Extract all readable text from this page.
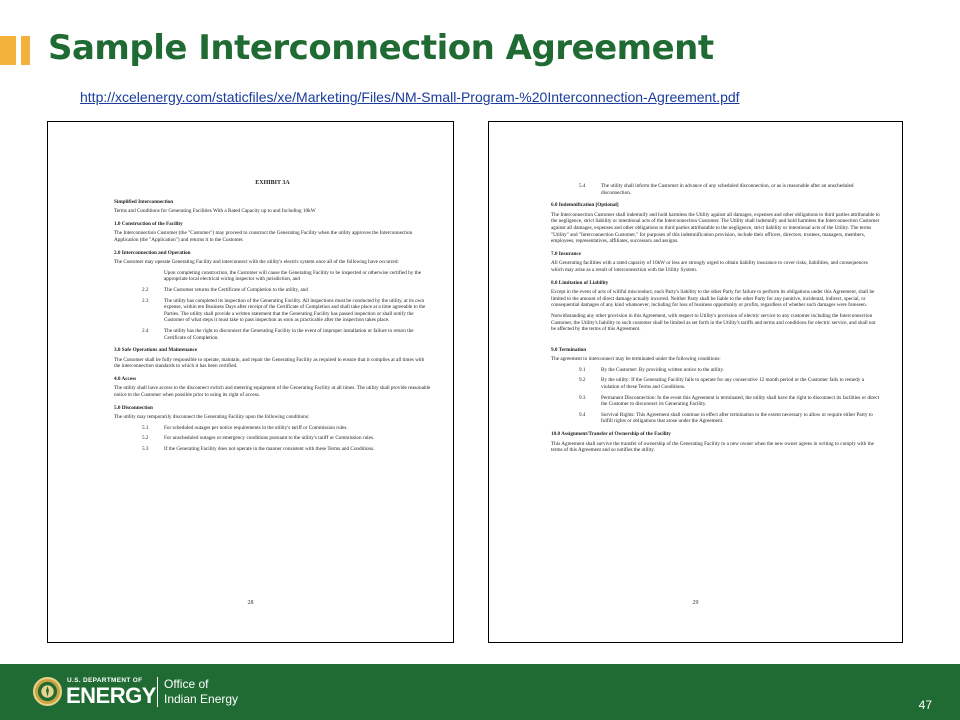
Sample Interconnection Agreement
http://xcelenergy.com/staticfiles/xe/Marketing/Files/NM-Small-Program-%20Interconnection-Agreement.pdf
EXHIBIT 3A
Simplified Interconnection
Terms and Conditions for Generating Facilities With a Rated Capacity up to and Including 10kW
1.0 Construction of the Facility
The Interconnection Customer (the "Customer") may proceed to construct the Generating Facility when the utility approves the Interconnection Application (the "Application") and returns it to the Customer.
2.0 Interconnection and Operation
The Customer may operate Generating Facility and interconnect with the utility's electric system once all of the following have occurred:
Upon completing construction, the Customer will cause the Generating Facility to be inspected or otherwise certified by the appropriate local electrical wiring inspector with jurisdiction, and
2.2	The Customer returns the Certificate of Completion to the utility, and
2.3	The utility has completed its inspection of the Generating Facility. All inspections must be conducted by the utility, at its own expense, within ten Business Days after receipt of the Certificate of Completion and shall take place at a time agreeable to the Parties. The utility shall provide a written statement that the Generating Facility has passed inspection or shall notify the Customer of what steps it must take to pass inspection as soon as practicable after the inspection takes place.
2.4	The utility has the right to disconnect the Generating Facility in the event of improper installation or failure to return the Certificate of Completion.
3.0 Safe Operations and Maintenance
The Customer shall be fully responsible to operate, maintain, and repair the Generating Facility as required to ensure that it complies at all times with the interconnection standards to which it has been certified.
4.0 Access
The utility shall have access to the disconnect switch and metering equipment of the Generating Facility at all times. The utility shall provide reasonable notice to the Customer when possible prior to using its right of access.
5.0 Disconnection
The utility may temporarily disconnect the Generating Facility upon the following conditions:
5.1	For scheduled outages per notice requirements in the utility's tariff or Commission rules.
5.2	For unscheduled outages or emergency conditions pursuant to the utility's tariff or Commission rules.
5.3	If the Generating Facility does not operate in the manner consistent with these Terms and Conditions.
28
5.4	The utility shall inform the Customer in advance of any scheduled disconnection, or as is reasonable after an unscheduled disconnection.
6.0 Indemnification [Optional]
The Interconnection Customer shall indemnify and hold harmless the Utility against all damages, expenses and other obligations to third parties attributable to the negligence, strict liability or intentional acts of the Interconnection Customer. The Utility shall indemnify and hold harmless the Interconnection Customer against all damages, expenses and other obligations to third parties attributable to the negligence, strict liability or intentional acts of the Utility. The terms "Utility" and "Interconnection Customer," for purposes of this indemnification provision, include their officers, directors, trustees, managers, members, employees, representatives, affiliates, successors and assigns.
7.0 Insurance
All Generating facilities with a rated capacity of 10kW or less are strongly urged to obtain liability insurance to cover risks, liabilities, and consequences which may arise as a result of interconnection with the Utility System.
8.0 Limitation of Liability
Except in the event of acts of willful misconduct, each Party's liability to the other Party for failure to perform its obligations under this Agreement, shall be limited to the amount of direct damage actually incurred. Neither Party shall be liable to the other Party for any punitive, incidental, indirect, special, or consequential damages of any kind whatsoever, including for loss of business opportunity or profits, regardless of whether such damages were foreseen.
Notwithstanding any other provision in this Agreement, with respect to Utility's provision of electric service to any customer including the Interconnection Customer, the Utility's liability to such customer shall be limited as set forth in the Utility's tariffs and terms and conditions for electric service, and shall not be affected by the terms of this Agreement.
9.0 Termination
The agreement to interconnect may be terminated under the following conditions:
9.1	By the Customer: By providing written notice to the utility.
9.2	By the utility: If the Generating Facility fails to operate for any consecutive 12 month period or the Customer fails to remedy a violation of these Terms and Conditions.
9.3	Permanent Disconnection: In the event this Agreement is terminated, the utility shall have the right to disconnect its facilities or direct the Customer to disconnect its Generating Facility.
9.4	Survival Rights: This Agreement shall continue in effect after termination to the extent necessary to allow or require either Party to fulfill rights or obligations that arose under the Agreement.
10.0 Assignment/Transfer of Ownership of the Facility
This Agreement shall survive the transfer of ownership of the Generating Facility to a new owner when the new owner agrees in writing to comply with the terms of this Agreement and so notifies the utility.
29
U.S. DEPARTMENT OF
ENERGY Office of
Indian Energy	47
